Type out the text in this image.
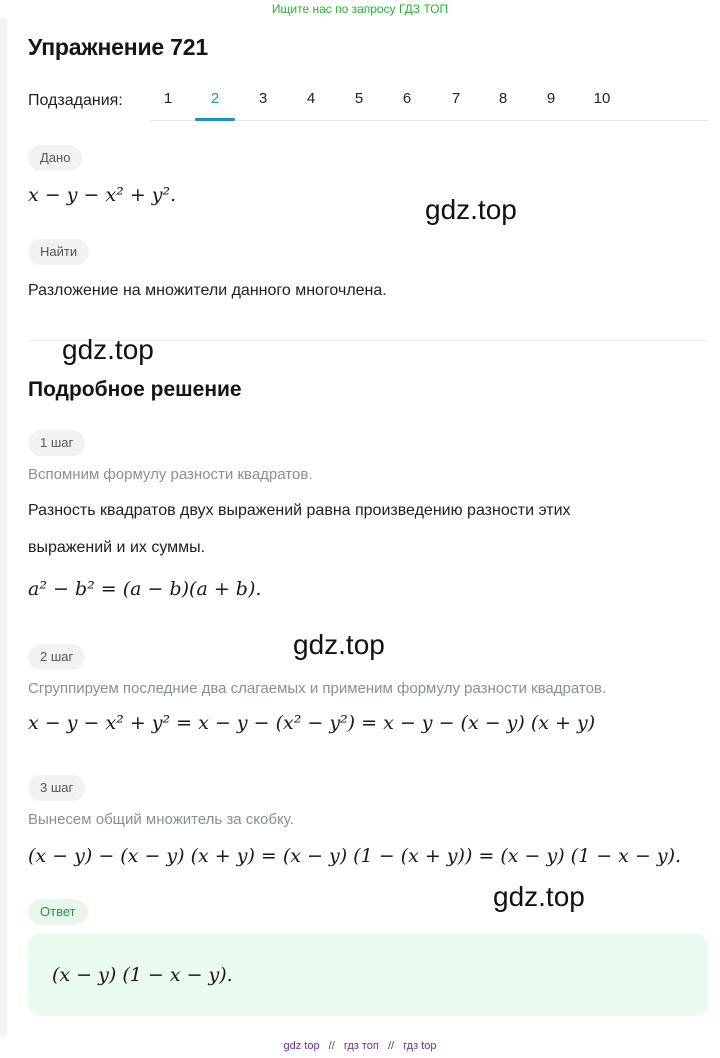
Ищите нас по запросу ГДЗ ТОП
Упражнение 721
Подзадания:	1	2	3	4	5	6	7	8	9	10
Дано
x − y − x² + y².
Найти
Разложение на множители данного многочлена.
Подробное решение
1 шаг
Вспомним формулу разности квадратов.
Разность квадратов двух выражений равна произведению разности этих
выражений и их суммы.
a² − b² = (a − b)(a + b).
2 шаг
Сгруппируем последние два слагаемых и применим формулу разности квадратов.
x − y − x² + y² = x − y − (x² − y²) = x − y − (x − y) (x + y)
3 шаг
Вынесем общий множитель за скобку.
(x − y) − (x − y) (x + y) = (x − y) (1 − (x + y)) = (x − y) (1 − x − y).
Ответ
(x − y) (1 − x − y).
gdz.top
gdz.top
gdz.top
gdz.top
gdz top // гдз топ // гдз top
